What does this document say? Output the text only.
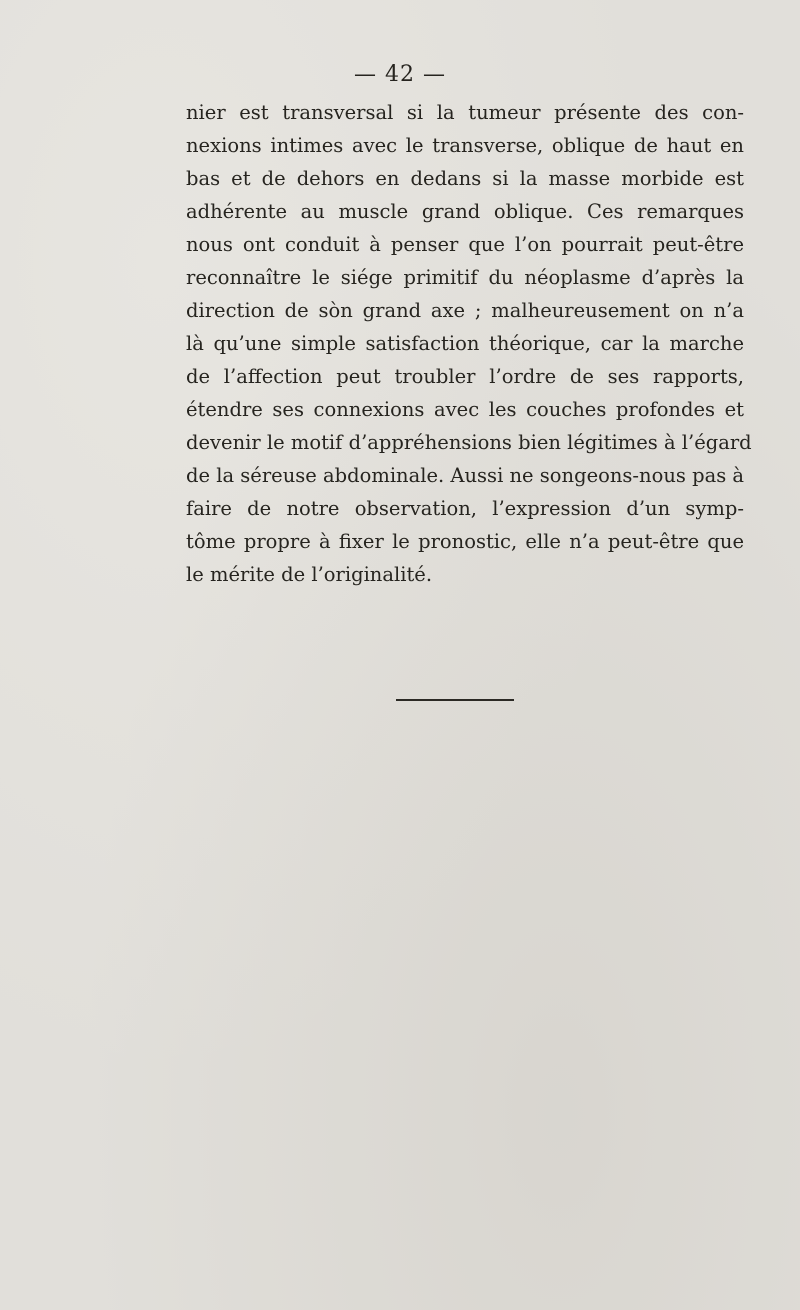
— 42 —
nier est transversal si la tumeur présente des con-
nexions intimes avec le transverse, oblique de haut en
bas et de dehors en dedans si la masse morbide est
adhérente au muscle grand oblique. Ces remarques
nous ont conduit à penser que l’on pourrait peut-être
reconnaître le siége primitif du néoplasme d’après la
direction de sòn grand axe ; malheureusement on n’a
là qu’une simple satisfaction théorique, car la marche
de l’affection peut troubler l’ordre de ses rapports,
étendre ses connexions avec les couches profondes et
devenir le motif d’appréhensions bien légitimes à l’égard
de la séreuse abdominale. Aussi ne songeons-nous pas à
faire de notre observation, l’expression d’un symp-
tôme propre à fixer le pronostic, elle n’a peut-être que
le mérite de l’originalité.
